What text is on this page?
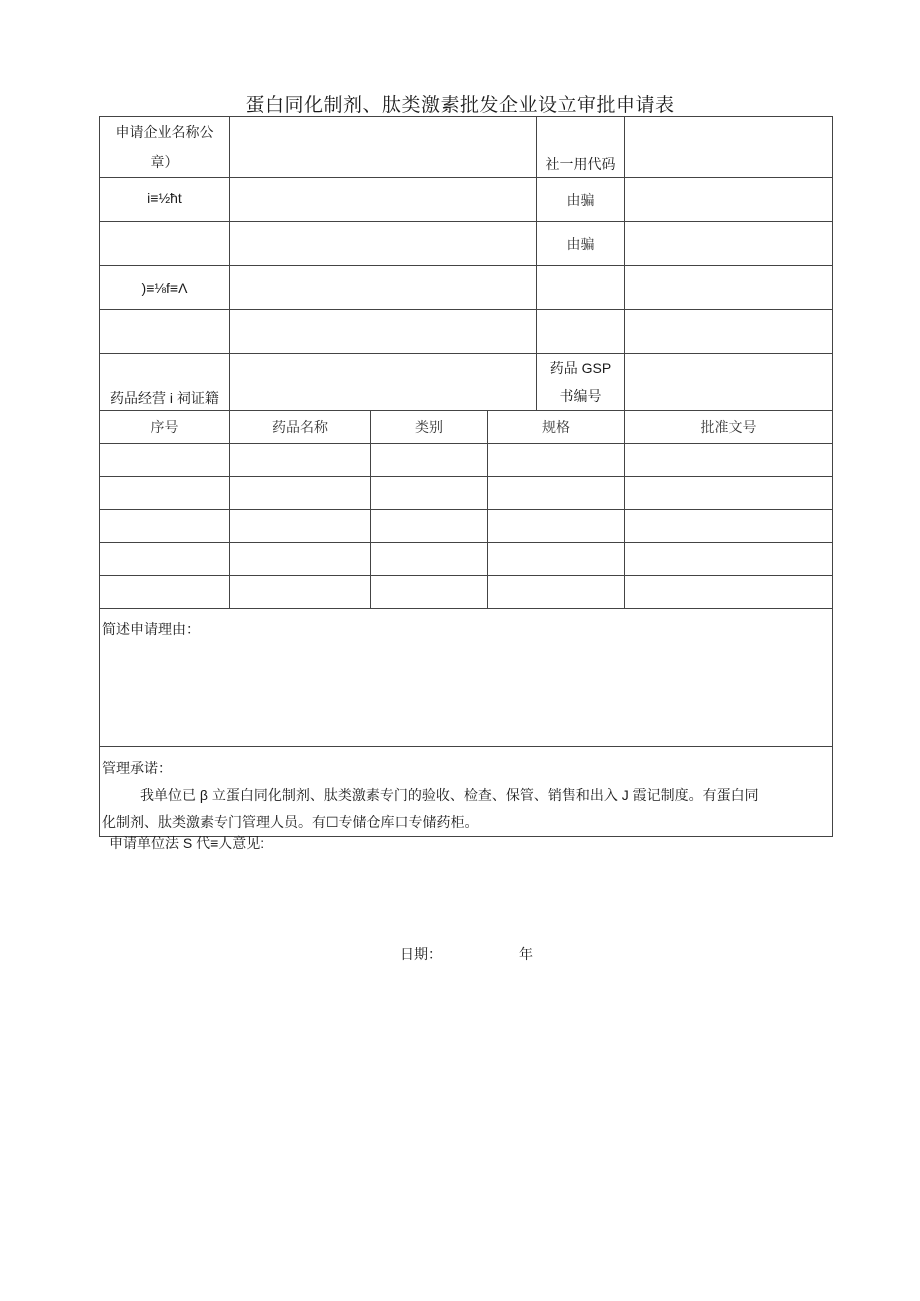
蛋白同化制剂、肽类激素批发企业设立审批申请表
申请企业名称公
章）				社一用代码	
i≡½ħt				由骗	
				由骗	
)≡⅛f≡Λ					

药品经营 i 祠证籍				药品 GSP
书编号	

序号	药品名称	类别	规格		批准文号

简述申请理由：					

管理承诺：
我单位已 β 立蛋白同化制剂、肽类激素专门的验收、检查、保管、销售和出入 J 霞记制度。有蛋白同
化制剂、肽类激素专门管理人员。有☐专储仓库口专储药柜。					
申请单位法 S 代≡人意见:
日期：	年
